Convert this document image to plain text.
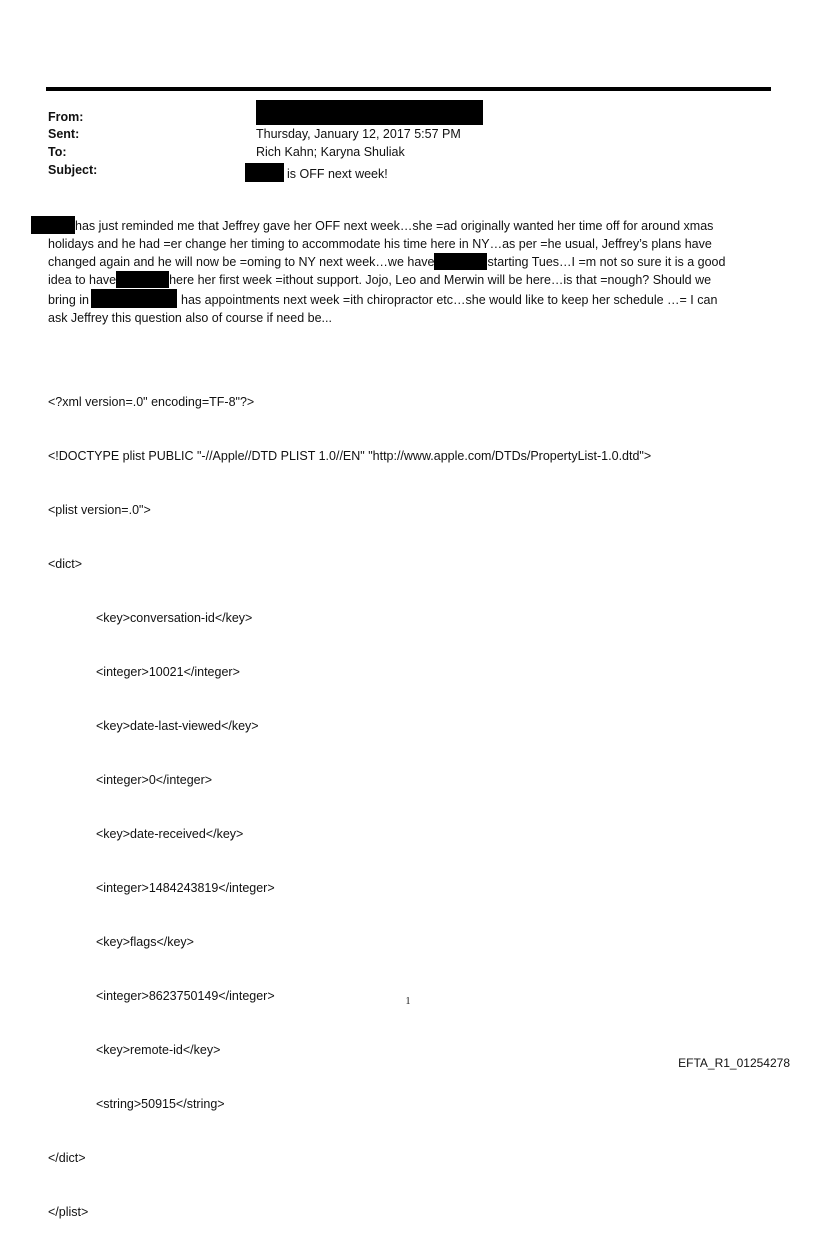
From:
Sent:	Thursday, January 12, 2017 5:57 PM
To:	Rich Kahn; Karyna Shuliak
Subject:	is OFF next week!
has just reminded me that Jeffrey gave her OFF next week…she =ad originally wanted her time off for around xmas
holidays and he had =er change her timing to accommodate his time here in NY…as per =he usual, Jeffrey’s plans have
changed again and he will now be =oming to NY next week…we have	starting Tues…I =m not so sure it is a good
idea to have	here her first week =ithout support. Jojo, Leo and Merwin will be here…is that =nough? Should we
bring in	has appointments next week =ith chiropractor etc…she would like to keep her schedule …= I can
ask Jeffrey this question also of course if need be...

<?xml version=.0" encoding=TF-8"?>

<!DOCTYPE plist PUBLIC "-//Apple//DTD PLIST 1.0//EN" "http://www.apple.com/DTDs/PropertyList-1.0.dtd">

<plist version=.0">

<dict>

<key>conversation-id</key>

<integer>10021</integer>

<key>date-last-viewed</key>

<integer>0</integer>

<key>date-received</key>

<integer>1484243819</integer>

<key>flags</key>

<integer>8623750149</integer>

<key>remote-id</key>

<string>50915</string>

</dict>

</plist>

1
EFTA_R1_01254278
